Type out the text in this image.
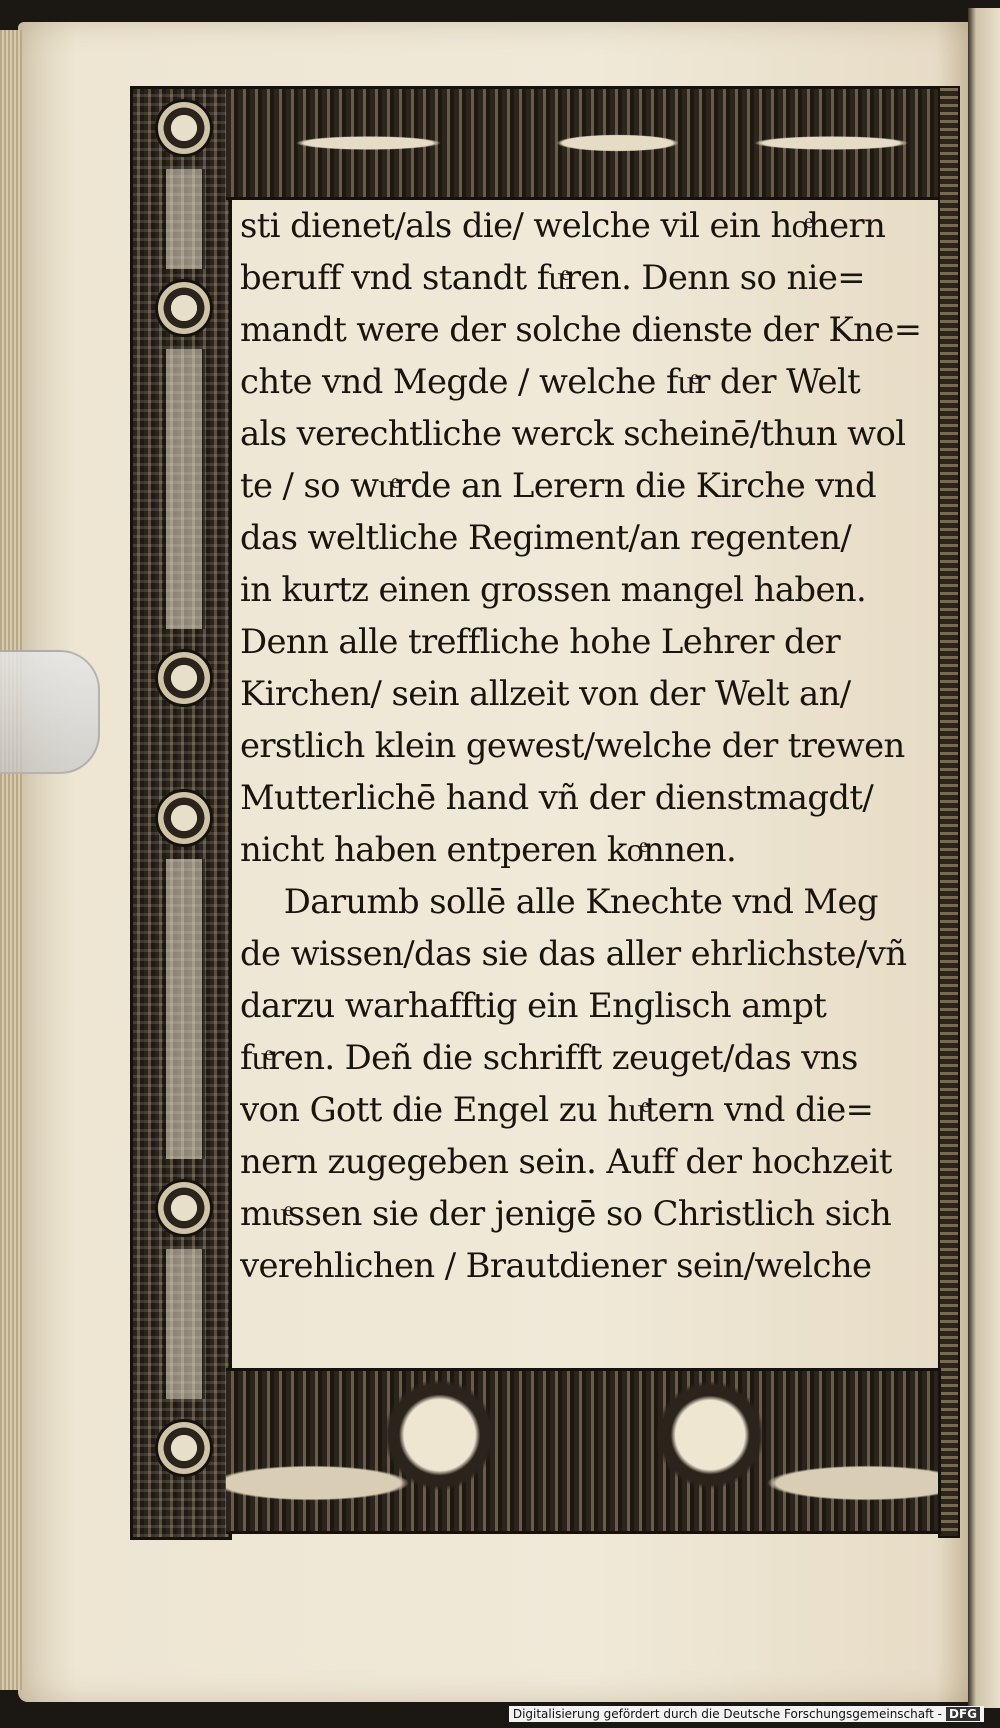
sti dienet/als die/ welche vil ein hoͤhern
beruff vnd standt fuͤren. Denn so nie=
mandt were der solche dienste der Kne=
chte vnd Megde / welche fuͤr der Welt
als verechtliche werck scheinē/thun wol
te / so wuͤrde an Lerern die Kirche vnd
das weltliche Regiment/an regenten/
in kurtz einen grossen mangel haben.
Denn alle treffliche hohe Lehrer der
Kirchen/ sein allzeit von der Welt an/
erstlich klein gewest/welche der trewen
Mutterlichē hand vñ der dienstmagdt/
nicht haben entperen koͤnnen.
Darumb sollē alle Knechte vnd Meg
de wissen/das sie das aller ehrlichste/vñ
darzu warhafftig ein Englisch ampt
fuͤren. Deñ die schrifft zeuget/das vns
von Gott die Engel zu huͤtern vnd die=
nern zugegeben sein. Auff der hochzeit
muͤssen sie der jenigē so Christlich sich
verehlichen / Brautdiener sein/welche
Digitalisierung gefördert durch die Deutsche Forschungsgemeinschaft - DFG
